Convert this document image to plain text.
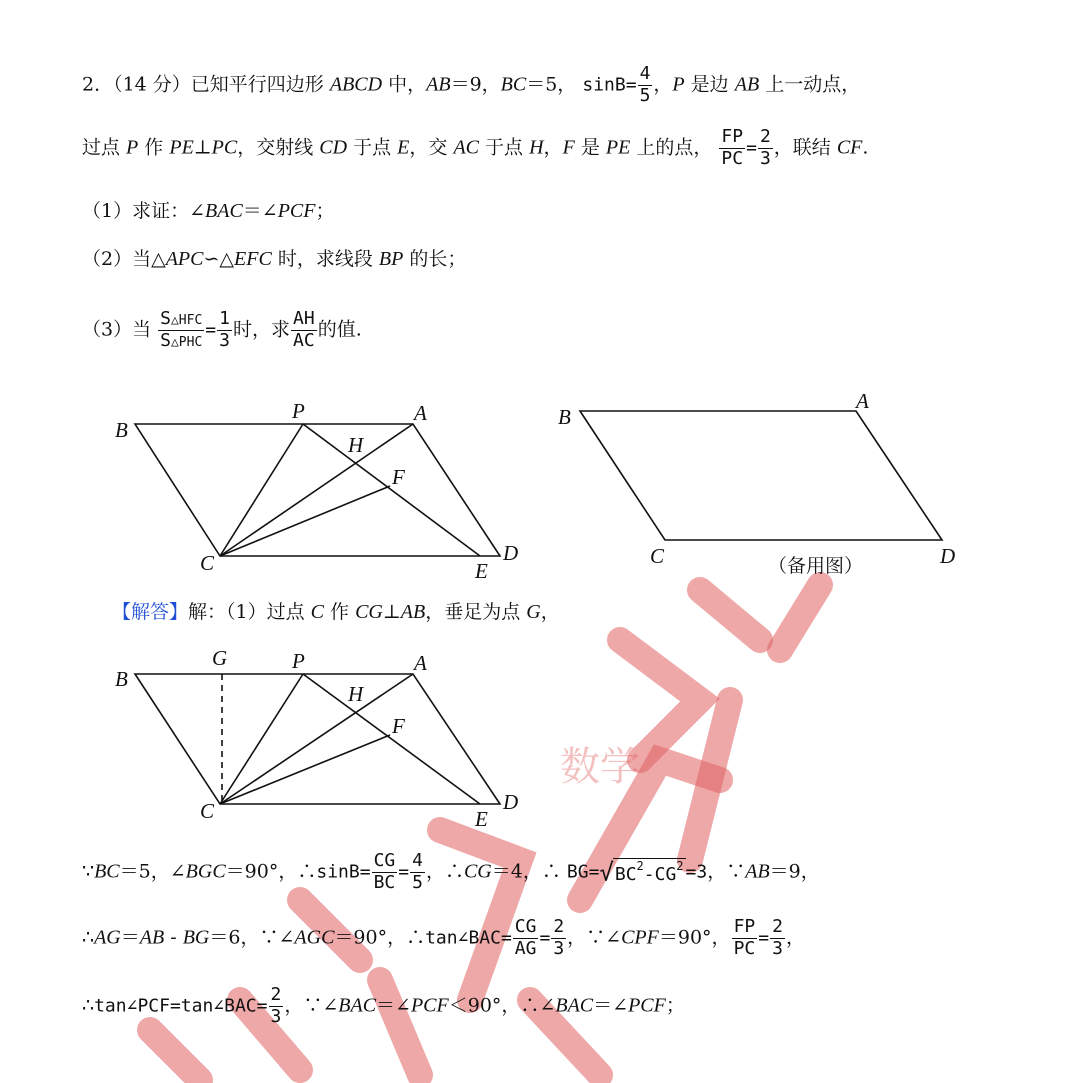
数学
2．（14 分）已知平行四边形 ABCD 中，AB＝9，BC＝5， $\sin B= \frac{4}{5}$ ，P 是边 AB 上一动点，
过点 P 作 PE⊥PC，交射线 CD 于点 E，交 AC 于点 H，F 是 PE 上的点， $\frac{FP}{PC} = \frac{2}{3}$ ，联结 CF.
（1）求证：∠BAC＝∠PCF；
（2）当△APC∽△EFC 时，求线段 BP 的长；
（3）当 $\frac{\text{S△HFC}}{\text{S△PHC}} = \frac{1}{3}$ 时，求 $\frac{AH}{AC}$ 的值.
B
P	A
H
F
C	E
D
B
A
C	D
（备用图）
【解答】解：（1）过点 C 作 CG⊥AB，垂足为点 G，
B
G	P	A
H
F
C	E
D
∵BC＝5，∠BGC＝90°，∴sinB= $\frac{CG}{BC} = \frac{4}{5}$ ，∴CG＝4，∴ $BG=√BC^2-CG^2 =3$，∵AB＝9，
∴AG＝AB - BG＝6，∵∠AGC＝90°，∴tan∠BAC= $\frac{CG}{AG} = \frac{2}{3}$ ，∵∠CPF＝90°， $\frac{FP}{PC} = \frac{2}{3}$ ，
∴tan∠PCF=tan∠BAC= $\frac{2}{3}$ ，∵∠BAC＝∠PCF＜90°，∴∠BAC＝∠PCF；
